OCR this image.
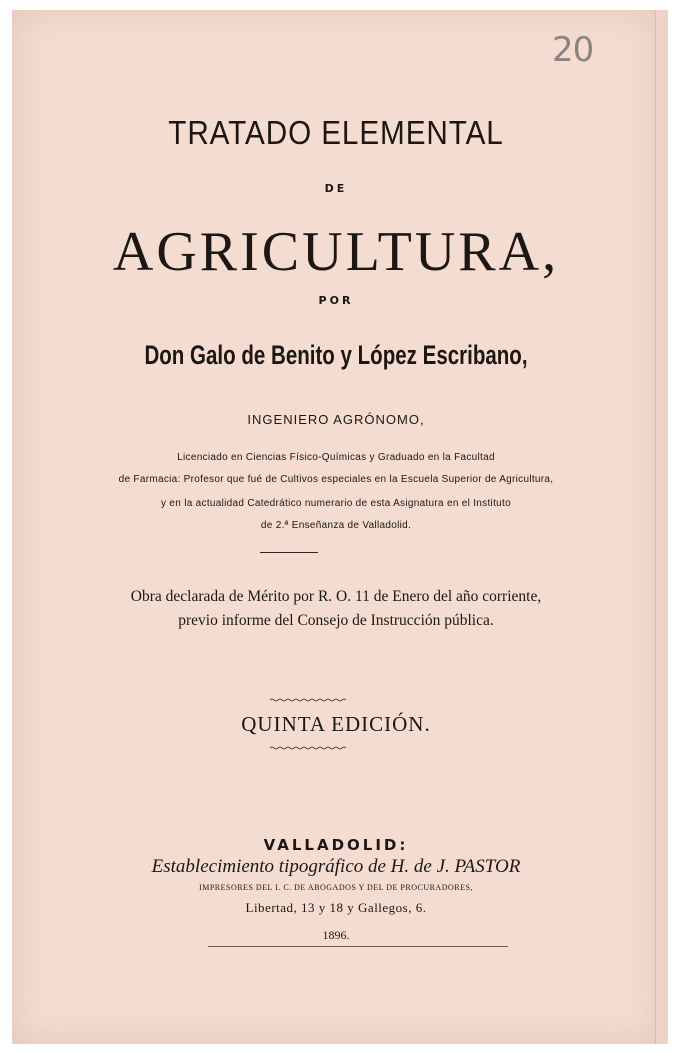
20
TRATADO ELEMENTAL
DE
AGRICULTURA,
POR
Don Galo de Benito y López Escribano,
INGENIERO AGRÓNOMO,
Licenciado en Ciencias Físico-Químicas y Graduado en la Facultad
de Farmacia: Profesor que fué de Cultivos especiales en la Escuela Superior de Agricultura,
y en la actualidad Catedrático numerario de esta Asignatura en el Instituto
de 2.ª Enseñanza de Valladolid.
Obra declarada de Mérito por R. O. 11 de Enero del año corriente,
previo informe del Consejo de Instrucción pública.
QUINTA EDICIÓN.
VALLADOLID:
Establecimiento tipográfico de H. de J. PASTOR
IMPRESORES DEL I. C. DE ABOGADOS Y DEL DE PROCURADORES,
Libertad, 13 y 18 y Gallegos, 6.
1896.
